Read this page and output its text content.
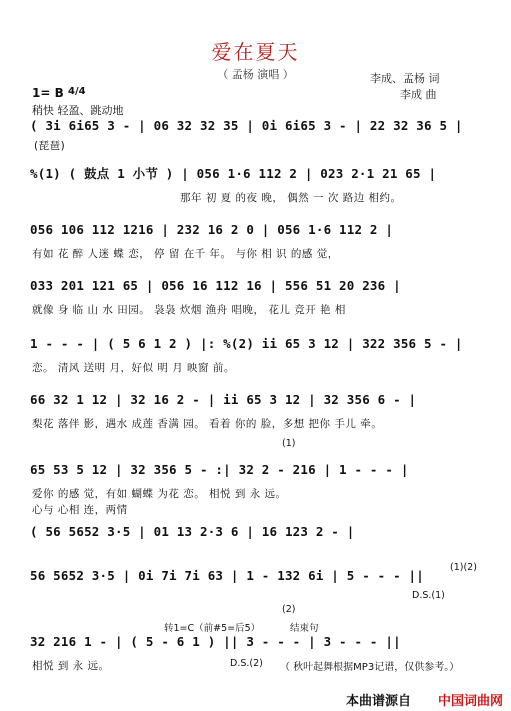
爱在夏天
（ 孟杨 演唱 ）	李成、孟杨 词
李成 曲
1= B 4/4
稍快 轻盈、跳动地
( 3i 6i65 3 - | 06 32 32 35 | 0i 6i65 3 - | 22 32 36 5 |
(琵琶)
%(1) ( 鼓点 1 小节 ) | 056 1·6 112 2 | 023 2·1 21 65 |
那年 初 夏 的夜 晚， 偶然 一 次 路边 相约。
056 106 112 1216 | 232 16 2 0 | 056 1·6 112 2 |
有如 花 醉 人迷 蝶 恋， 停 留 在千 年。 与你 相 识 的感 觉，
033 201 121 65 | 056 16 112 16 | 556 51 20 236 |
就像 身 临 山 水 田园。 袅袅 炊烟 渔舟 唱晚， 花儿 竞开 艳 相
1 - - - | ( 5 6 1 2 ) |: %(2) ii 65 3 12 | 322 356 5 - |
恋。 清风 送明 月，好似 明 月 映窗 前。
66 32 1 12 | 32 16 2 - | ii 65 3 12 | 32 356 6 - |
梨花 落伴 影，遇水 成莲 香满 园。 看着 你的 脸，多想 把你 手儿 牵。
65 53 5 12 | 32 356 5 - :| 32 2 - 216 | 1 - - - |
爱你 的感 觉，有如 蝴蝶 为花 恋。 相悦 到 永 远。
心与 心相 连，两情
( 56 5652 3·5 | 01 13 2·3 6 | 16 123 2 - |
56 5652 3·5 | 0i 7i 7i 63 | 1 - 132 6i | 5 - - - ||
D.S.(1)
(1)(2)
(1)
转1=C（前#5=后5）
(2)
结束句
32 216 1 - | ( 5 - 6 1 ) || 3 - - - | 3 - - - ||
相悦 到 永 远。	D.S.(2) （ 秋叶起舞根据MP3记谱，仅供参考。）
本曲谱源自 中国词曲网
